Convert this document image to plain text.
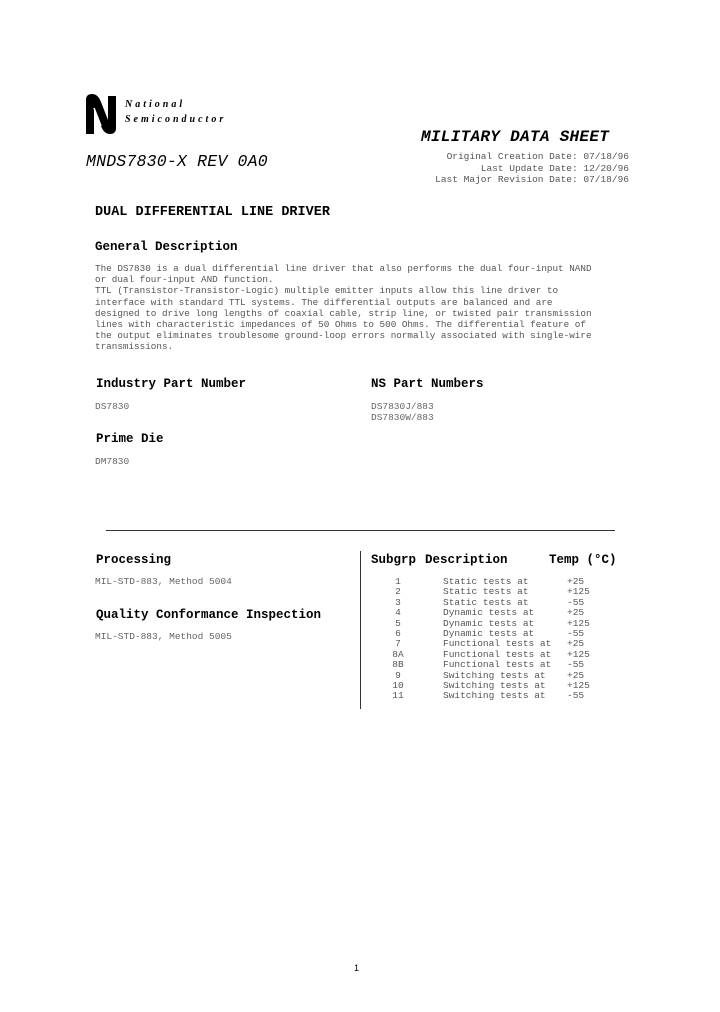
National
Semiconductor
MILITARY DATA SHEET
MNDS7830-X REV 0A0	Original Creation Date: 07/18/96
Last Update Date: 12/20/96
Last Major Revision Date: 07/18/96
DUAL DIFFERENTIAL LINE DRIVER
General Description
The DS7830 is a dual differential line driver that also performs the dual four-input NAND
or dual four-input AND function.
TTL (Transistor-Transistor-Logic) multiple emitter inputs allow this line driver to
interface with standard TTL systems. The differential outputs are balanced and are
designed to drive long lengths of coaxial cable, strip line, or twisted pair transmission
lines with characteristic impedances of 50 Ohms to 500 Ohms. The differential feature of
the output eliminates troublesome ground-loop errors normally associated with single-wire
transmissions.
Industry Part Number
DS7830
NS Part Numbers
DS7830J/883
DS7830W/883
Prime Die
DM7830
Processing
MIL-STD-883, Method 5004
Quality Conformance Inspection
MIL-STD-883, Method 5005
Subgrp Description	Temp (°C)
1	Static tests at	+25
2	Static tests at	+125
3	Static tests at	-55
4	Dynamic tests at	+25
5	Dynamic tests at	+125
6	Dynamic tests at	-55
7	Functional tests at	+25
8A	Functional tests at	+125
8B	Functional tests at	-55
9	Switching tests at	+25
10	Switching tests at	+125
11	Switching tests at	-55
1
